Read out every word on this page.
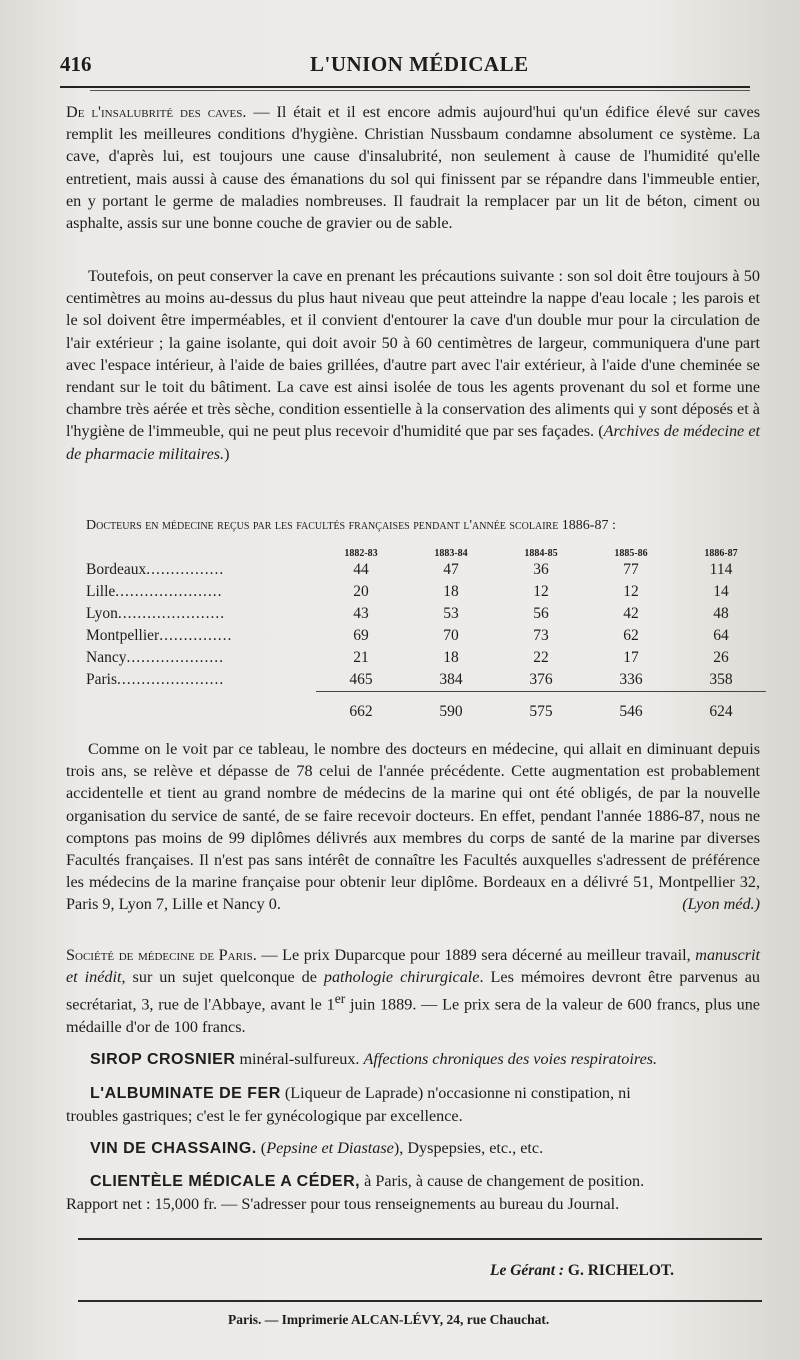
416	L'UNION MÉDICALE

De l'insalubrité des caves. — Il était et il est encore admis aujourd'hui qu'un édifice élevé sur caves remplit les meilleures conditions d'hygiène. Christian Nussbaum condamne absolument ce système. La cave, d'après lui, est toujours une cause d'insalubrité, non seulement à cause de l'humidité qu'elle entretient, mais aussi à cause des émanations du sol qui finissent par se répandre dans l'immeuble entier, en y portant le germe de maladies nombreuses. Il faudrait la remplacer par un lit de béton, ciment ou asphalte, assis sur une bonne couche de gravier ou de sable.

Toutefois, on peut conserver la cave en prenant les précautions suivante : son sol doit être toujours à 50 centimètres au moins au-dessus du plus haut niveau que peut atteindre la nappe d'eau locale ; les parois et le sol doivent être imperméables, et il convient d'entourer la cave d'un double mur pour la circulation de l'air extérieur ; la gaine isolante, qui doit avoir 50 à 60 centimètres de largeur, communiquera d'une part avec l'espace intérieur, à l'aide de baies grillées, d'autre part avec l'air extérieur, à l'aide d'une cheminée se rendant sur le toit du bâtiment. La cave est ainsi isolée de tous les agents provenant du sol et forme une chambre très aérée et très sèche, condition essentielle à la conservation des aliments qui y sont déposés et à l'hygiène de l'immeuble, qui ne peut plus recevoir d'humidité que par ses façades. (Archives de médecine et de pharmacie militaires.)

Docteurs en médecine reçus par les facultés françaises pendant l'année scolaire 1886-87 :
	1882-83	1883-84	1884-85	1885-86	1886-87
Bordeaux................	44	47	36	77	114
Lille......................	20	18	12	12	14
Lyon......................	43	53	56	42	48
Montpellier...............	69	70	73	62	64
Nancy....................	21	18	22	17	26
Paris......................	465	384	376	336	358
	662	590	575	546	624

Comme on le voit par ce tableau, le nombre des docteurs en médecine, qui allait en diminuant depuis trois ans, se relève et dépasse de 78 celui de l'année précédente. Cette augmentation est probablement accidentelle et tient au grand nombre de médecins de la marine qui ont été obligés, de par la nouvelle organisation du service de santé, de se faire recevoir docteurs. En effet, pendant l'année 1886-87, nous ne comptons pas moins de 99 diplômes délivrés aux membres du corps de santé de la marine par diverses Facultés françaises. Il n'est pas sans intérêt de connaître les Facultés auxquelles s'adressent de préférence les médecins de la marine française pour obtenir leur diplôme. Bordeaux en a délivré 51, Montpellier 32, Paris 9, Lyon 7, Lille et Nancy 0.	(Lyon méd.)

Société de médecine de Paris. — Le prix Duparcque pour 1889 sera décerné au meilleur travail, manuscrit et inédit, sur un sujet quelconque de pathologie chirurgicale. Les mémoires devront être parvenus au secrétariat, 3, rue de l'Abbaye, avant le 1er juin 1889. — Le prix sera de la valeur de 600 francs, plus une médaille d'or de 100 francs.

SIROP CROSNIER minéral-sulfureux. Affections chroniques des voies respiratoires.
L'ALBUMINATE DE FER (Liqueur de Laprade) n'occasionne ni constipation, ni
troubles gastriques; c'est le fer gynécologique par excellence.
VIN DE CHASSAING. (Pepsine et Diastase), Dyspepsies, etc., etc.
CLIENTÈLE MÉDICALE A CÉDER, à Paris, à cause de changement de position.
Rapport net : 15,000 fr. — S'adresser pour tous renseignements au bureau du Journal.
Le Gérant : G. RICHELOT.
Paris. — Imprimerie ALCAN-LÉVY, 24, rue Chauchat.
